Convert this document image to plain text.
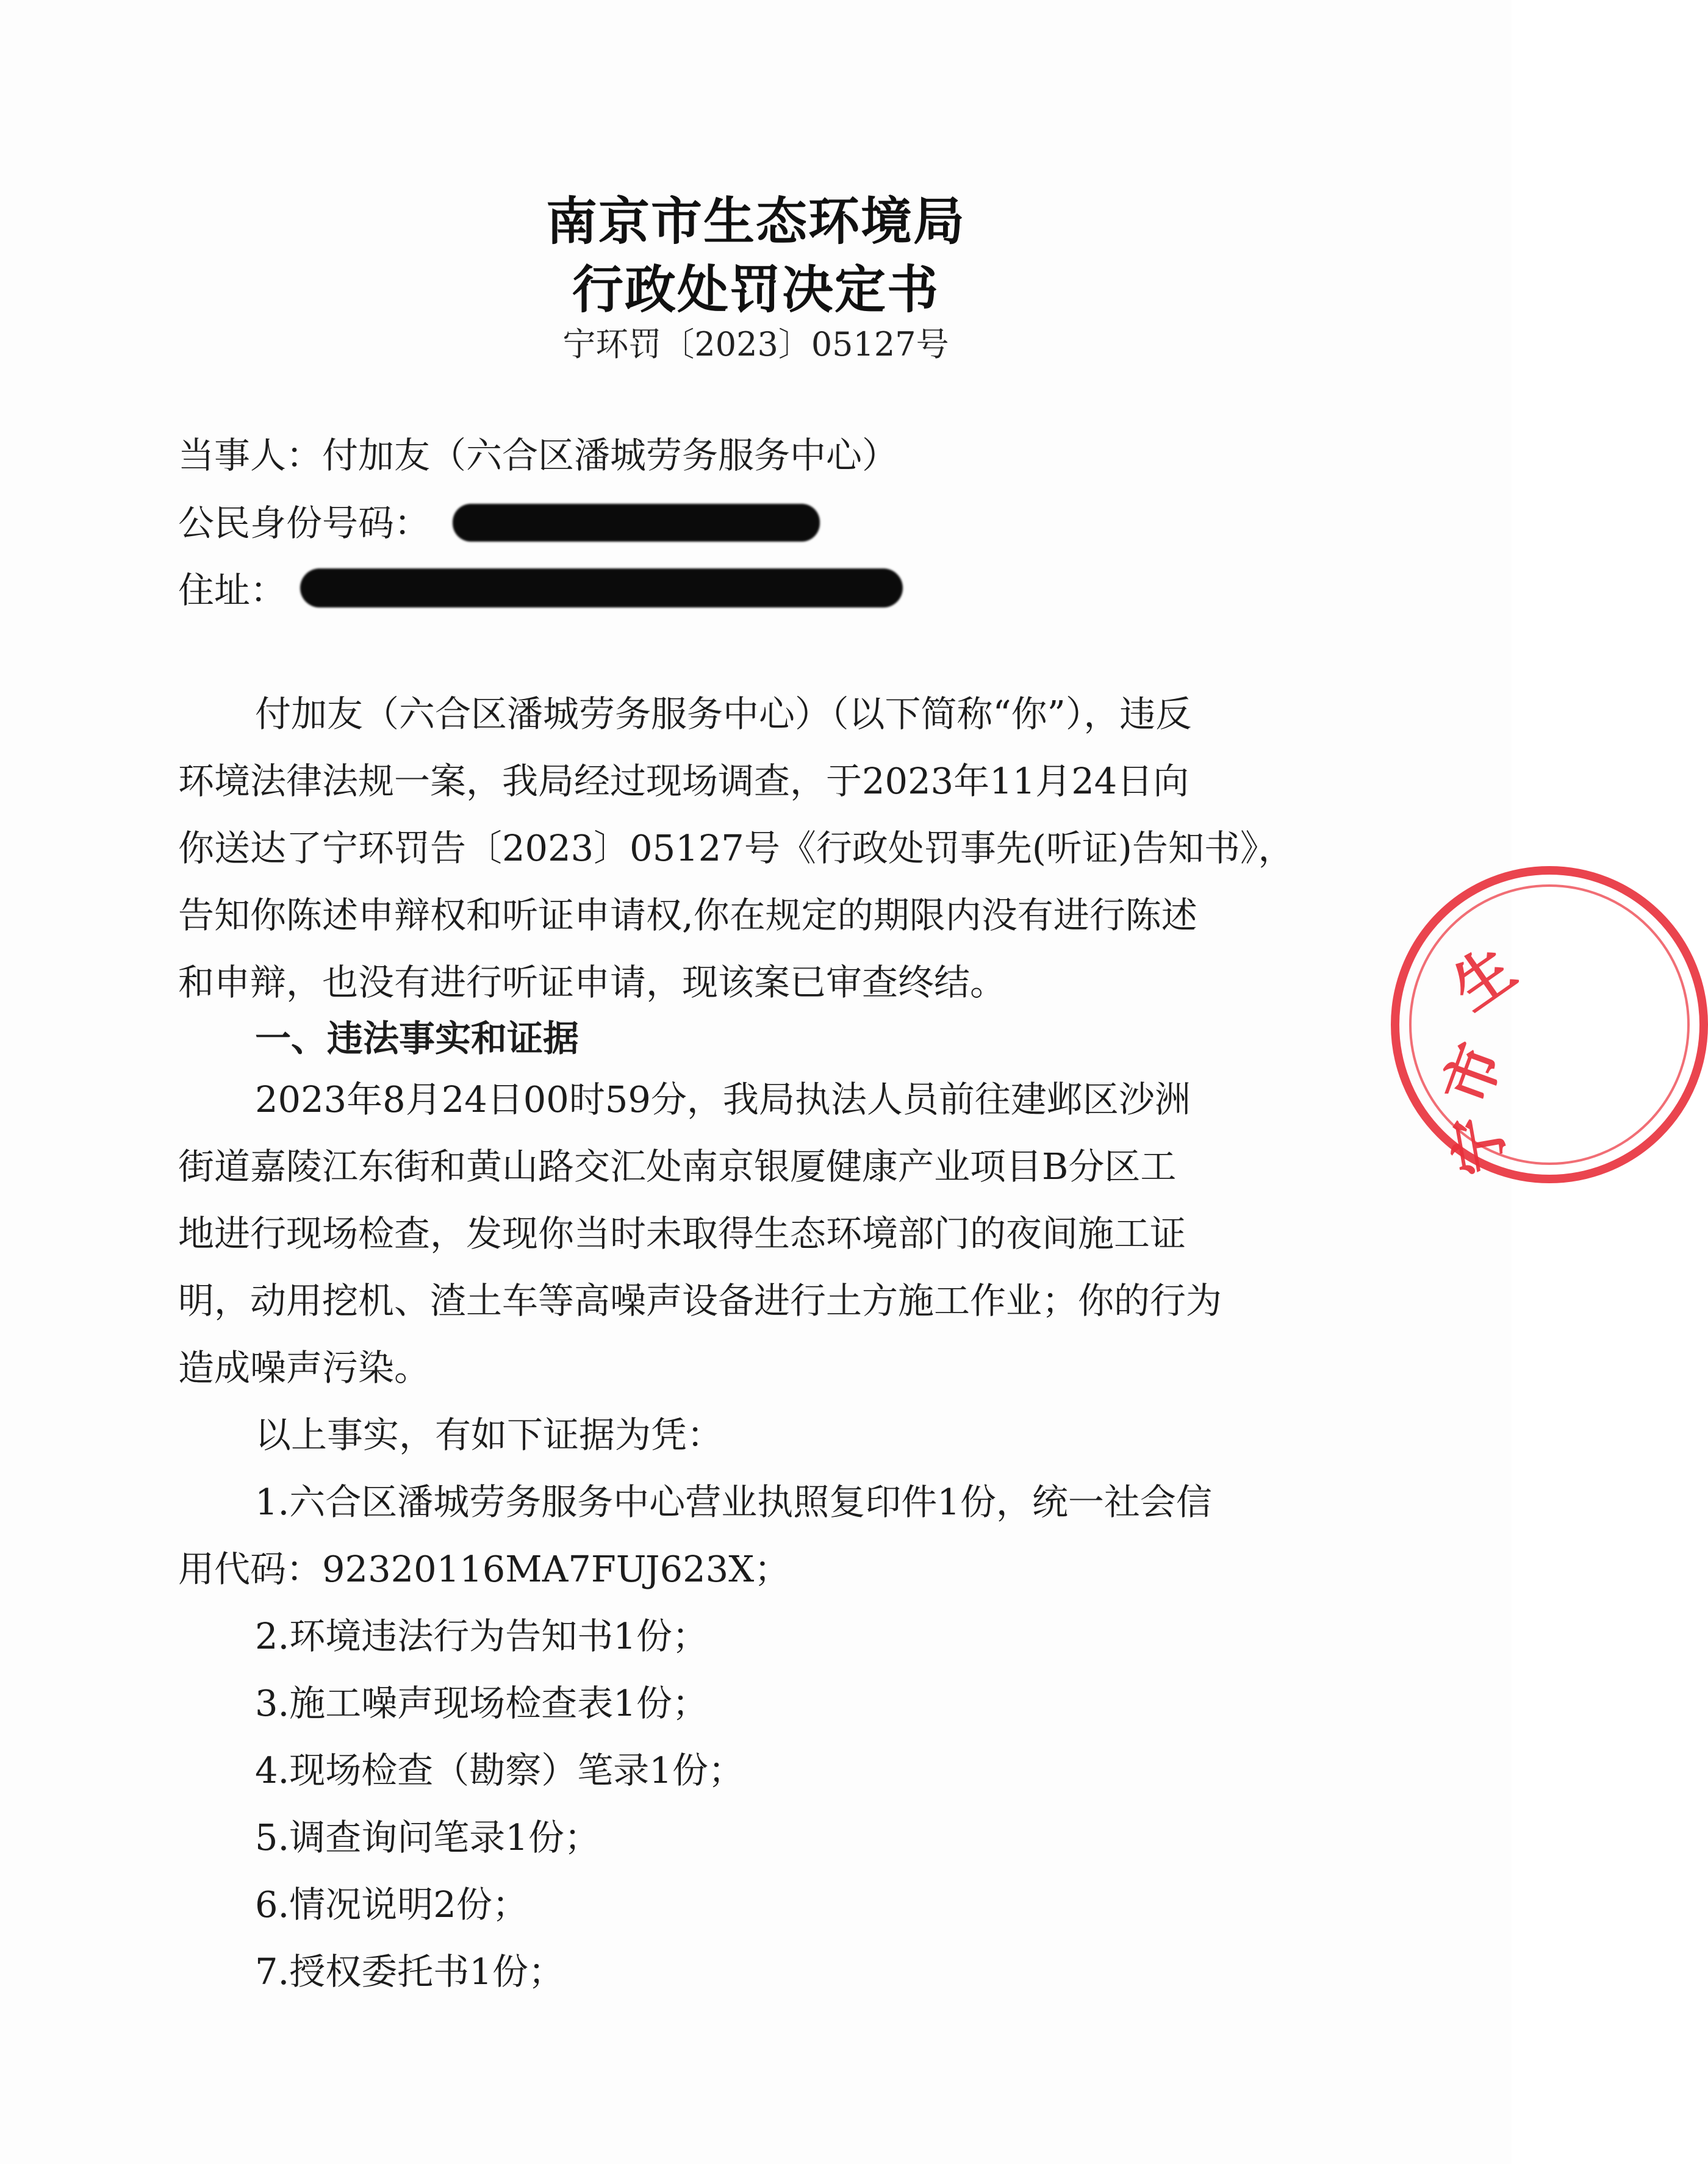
南京市生态环境局
行政处罚决定书
宁环罚〔2023〕05127号
当事人：付加友（六合区潘城劳务服务中心）
公民身份号码：
住址：
付加友（六合区潘城劳务服务中心）（以下简称“你”），违反
环境法律法规一案，我局经过现场调查，于2023年11月24日向
你送达了宁环罚告〔2023〕05127号《行政处罚事先(听证)告知书》，
告知你陈述申辩权和听证申请权,你在规定的期限内没有进行陈述
和申辩，也没有进行听证申请，现该案已审查终结。
一、违法事实和证据
2023年8月24日00时59分，我局执法人员前往建邺区沙洲
街道嘉陵江东街和黄山路交汇处南京银厦健康产业项目B分区工
地进行现场检查，发现你当时未取得生态环境部门的夜间施工证
明，动用挖机、渣土车等高噪声设备进行土方施工作业；你的行为
造成噪声污染。
以上事实，有如下证据为凭：
1.六合区潘城劳务服务中心营业执照复印件1份，统一社会信
用代码：92320116MA7FUJ623X；
2.环境违法行为告知书1份；
3.施工噪声现场检查表1份；
4.现场检查（勘察）笔录1份；
5.调查询问笔录1份；
6.情况说明2份；
7.授权委托书1份；
市
生
宁
